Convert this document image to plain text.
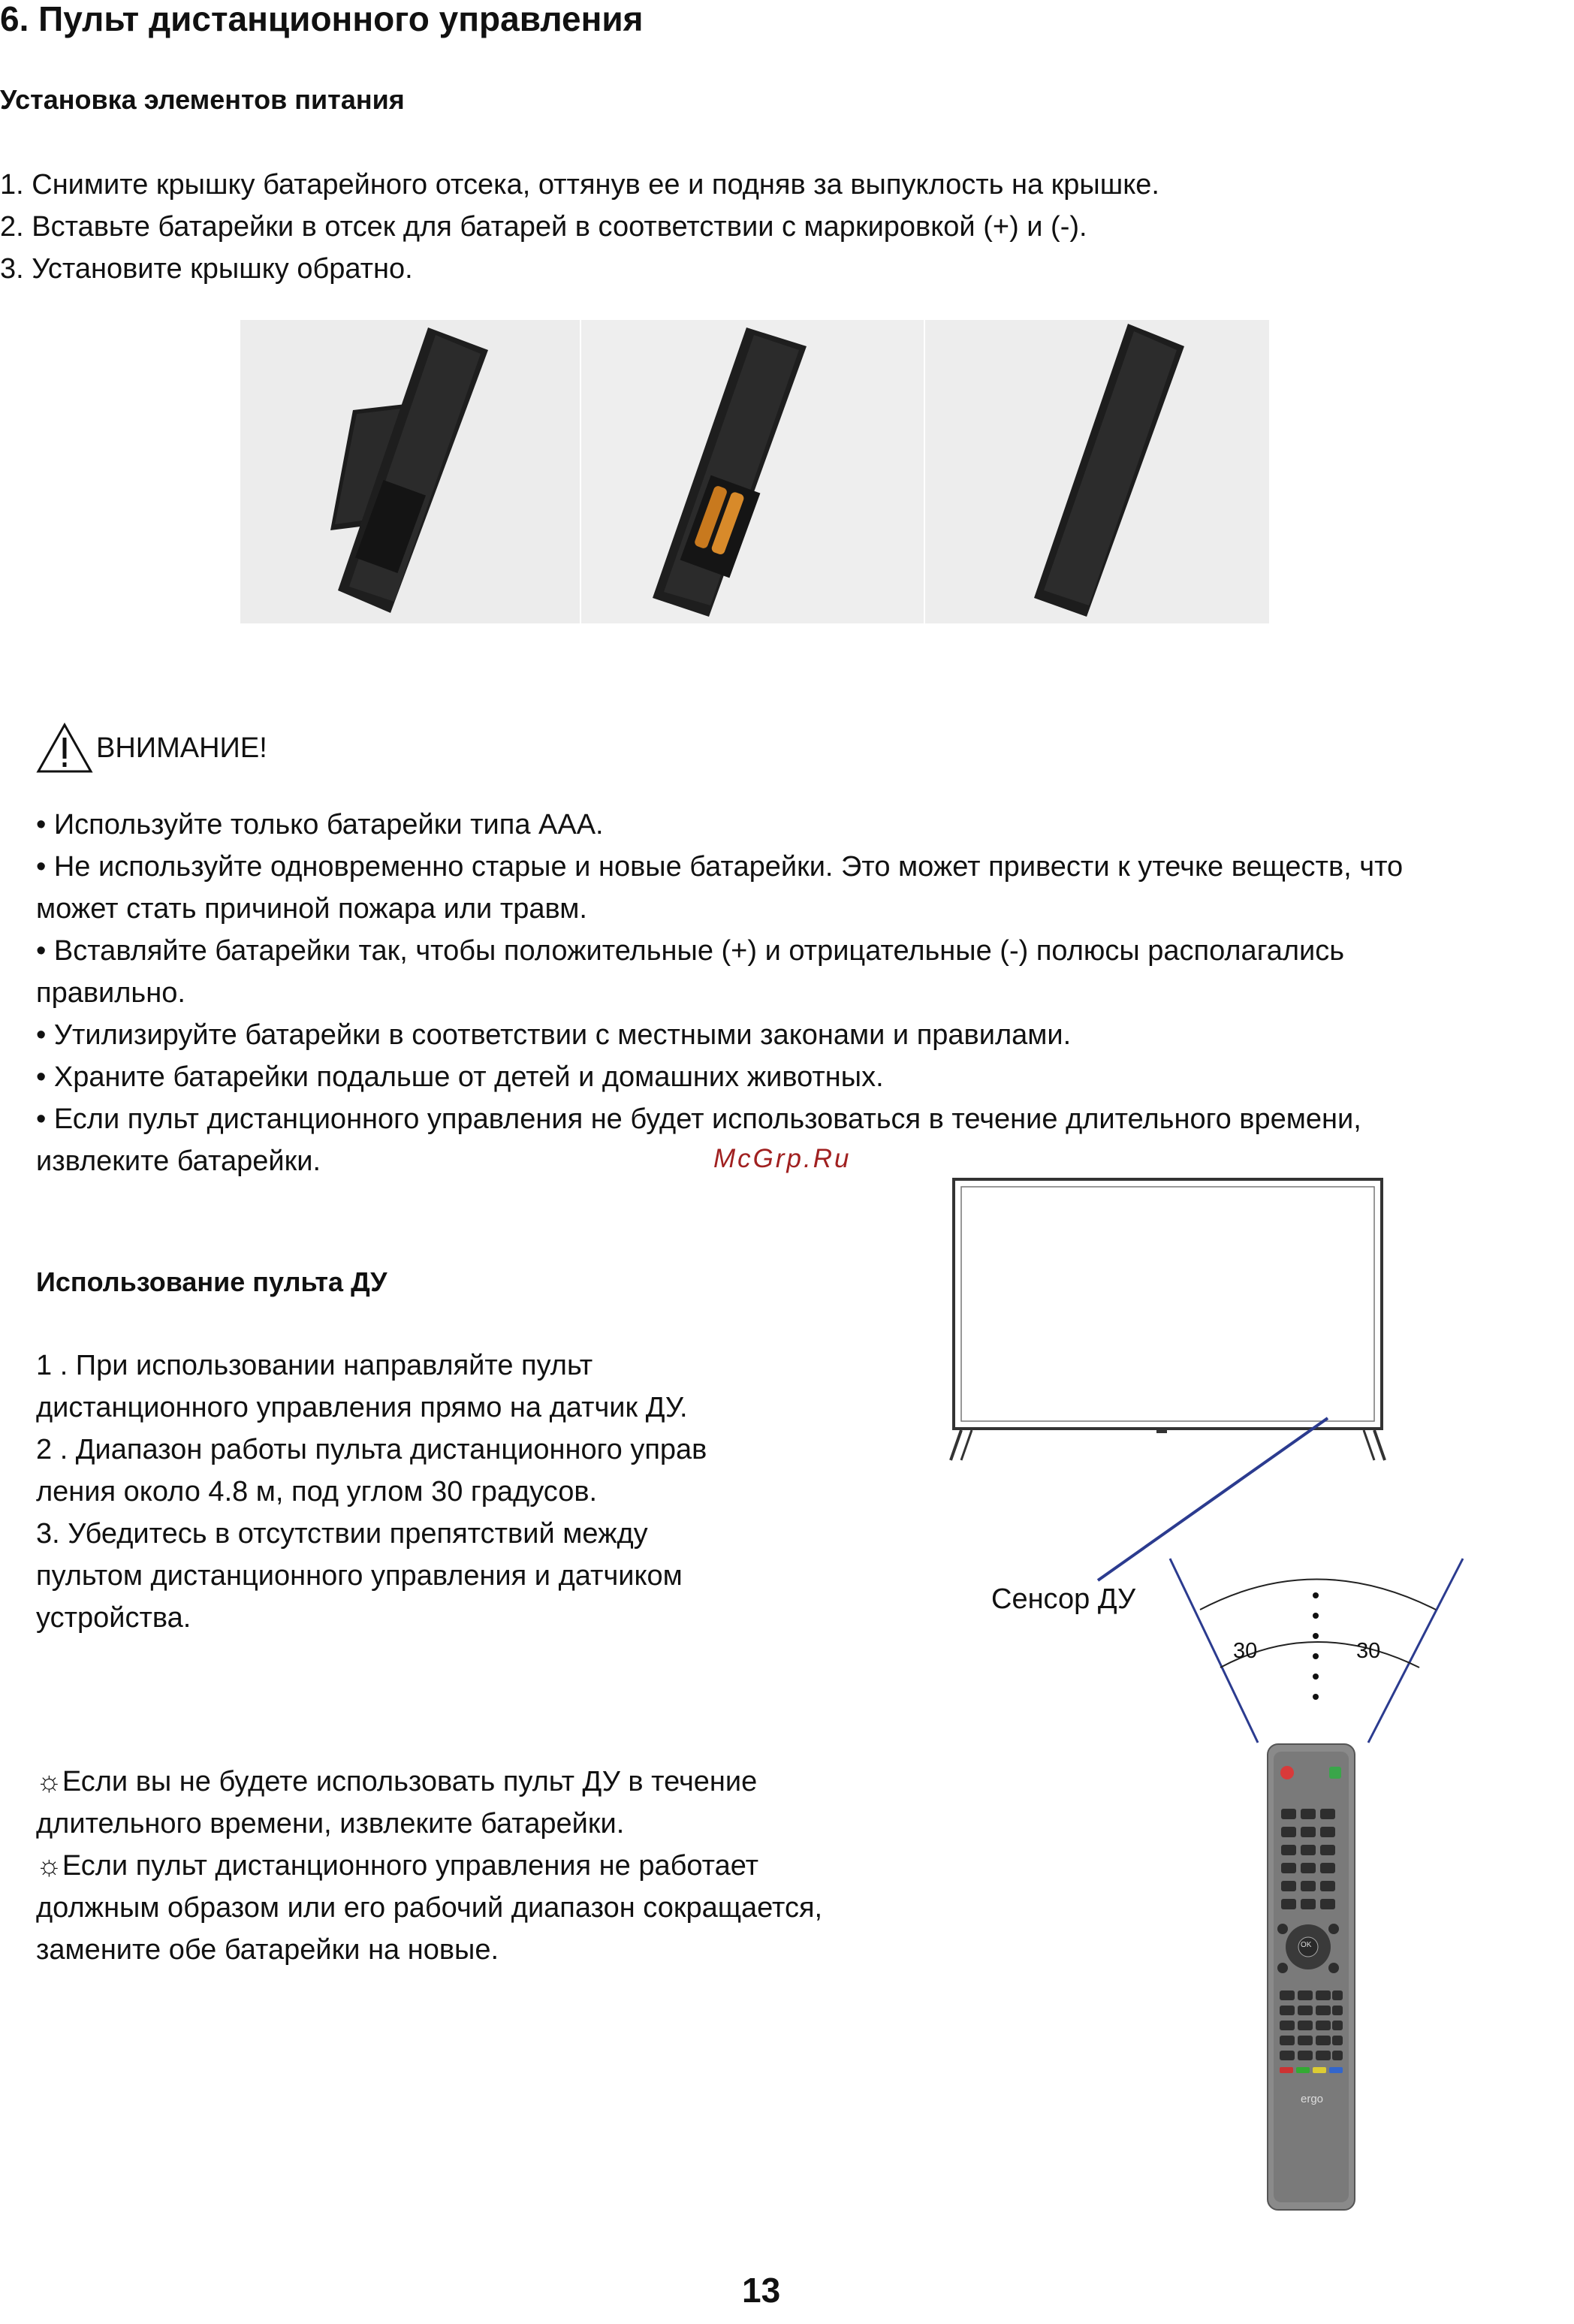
6. Пульт дистанционного управления
Установка элементов питания
1. Снимите крышку батарейного отсека, оттянув ее и подняв за выпуклость на крышке.
2. Вставьте батарейки в отсек для батарей в соответствии с маркировкой (+) и (-).
3. Установите крышку обратно.
ВНИМАНИЕ!
• Используйте только батарейки типа ААА.
• Не используйте одновременно старые и новые батарейки. Это может привести к утечке веществ, что
может стать причиной пожара или травм.
• Вставляйте батарейки так, чтобы положительные (+) и отрицательные (-) полюсы располагались
правильно.
• Утилизируйте батарейки в соответствии с местными законами и правилами.
• Храните батарейки подальше от детей и домашних животных.
• Если пульт дистанционного управления не будет использоваться в течение длительного времени,
извлеките батарейки.	McGrp.Ru
Использование пульта ДУ
1 . При использовании направляйте пульт
дистанционного управления прямо на датчик ДУ.
2 . Диапазон работы пульта дистанционного управ
ления около 4.8 м, под углом 30 градусов.
3. Убедитесь в отсутствии препятствий между
пультом дистанционного управления и датчиком
устройства.
☼Если вы не будете использовать пульт ДУ в течение
длительного времени, извлеките батарейки.
☼Если пульт дистанционного управления не работает
должным образом или его рабочий диапазон сокращается,
замените обе батарейки на новые.
Сенсор ДУ
30	30
OK
ergo
13
